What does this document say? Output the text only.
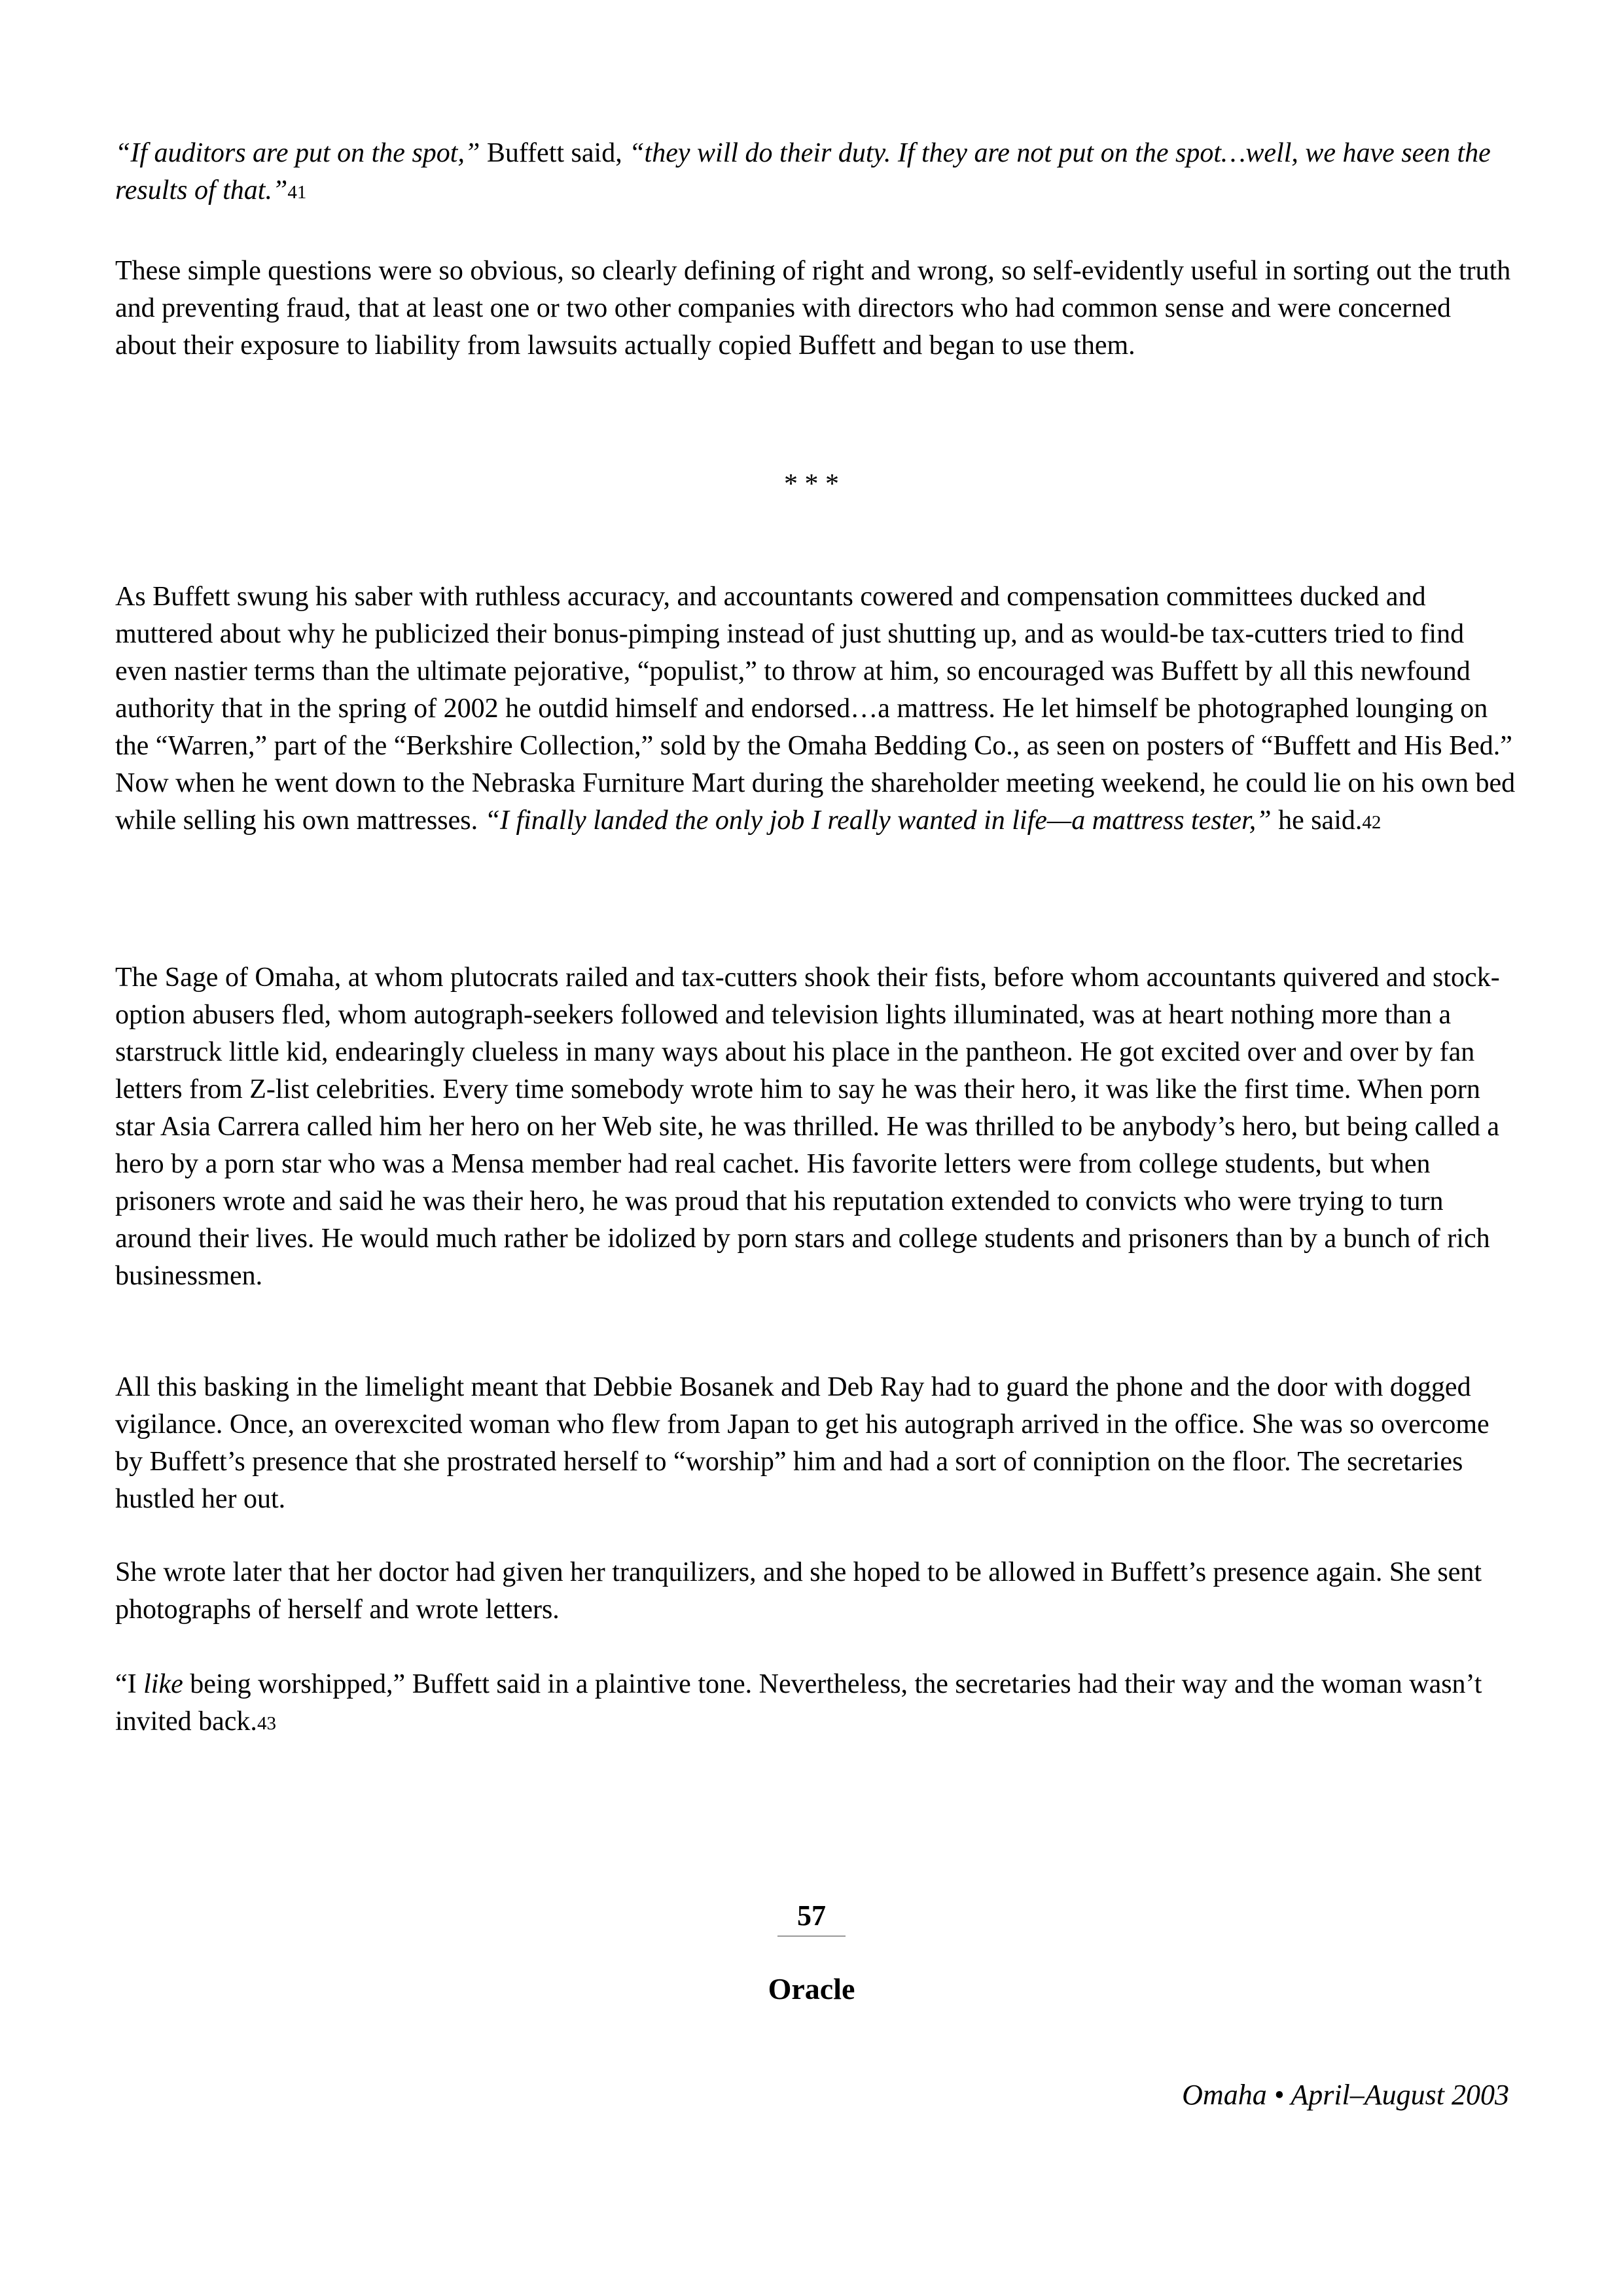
“If auditors are put on the spot,” Buffett said, “they will do their duty. If they are not put on the spot…well, we have seen the results of that.”$^{41}$

These simple questions were so obvious, so clearly defining of right and wrong, so self-evidently useful in sorting out the truth and preventing fraud, that at least one or two other companies with directors who had common sense and were concerned about their exposure to liability from lawsuits actually copied Buffett and began to use them.

* * *

As Buffett swung his saber with ruthless accuracy, and accountants cowered and compensation committees ducked and muttered about why he publicized their bonus-pimping instead of just shutting up, and as would-be tax-cutters tried to find even nastier terms than the ultimate pejorative, “populist,” to throw at him, so encouraged was Buffett by all this newfound authority that in the spring of 2002 he outdid himself and endorsed…a mattress. He let himself be photographed lounging on the “Warren,” part of the “Berkshire Collection,” sold by the Omaha Bedding Co., as seen on posters of “Buffett and His Bed.” Now when he went down to the Nebraska Furniture Mart during the shareholder meeting weekend, he could lie on his own bed while selling his own mattresses. “I finally landed the only job I really wanted in life—a mattress tester,” he said.$^{42}$

The Sage of Omaha, at whom plutocrats railed and tax-cutters shook their fists, before whom accountants quivered and stock-option abusers fled, whom autograph-seekers followed and television lights illuminated, was at heart nothing more than a starstruck little kid, endearingly clueless in many ways about his place in the pantheon. He got excited over and over by fan letters from Z-list celebrities. Every time somebody wrote him to say he was their hero, it was like the first time. When porn star Asia Carrera called him her hero on her Web site, he was thrilled. He was thrilled to be anybody’s hero, but being called a hero by a porn star who was a Mensa member had real cachet. His favorite letters were from college students, but when prisoners wrote and said he was their hero, he was proud that his reputation extended to convicts who were trying to turn around their lives. He would much rather be idolized by porn stars and college students and prisoners than by a bunch of rich businessmen.

All this basking in the limelight meant that Debbie Bosanek and Deb Ray had to guard the phone and the door with dogged vigilance. Once, an overexcited woman who flew from Japan to get his autograph arrived in the office. She was so overcome by Buffett’s presence that she prostrated herself to “worship” him and had a sort of conniption on the floor. The secretaries hustled her out.

She wrote later that her doctor had given her tranquilizers, and she hoped to be allowed in Buffett’s presence again. She sent photographs of herself and wrote letters.

“I like being worshipped,” Buffett said in a plaintive tone. Nevertheless, the secretaries had their way and the woman wasn’t invited back.$^{43}$

57
Oracle
Omaha • April–August 2003
